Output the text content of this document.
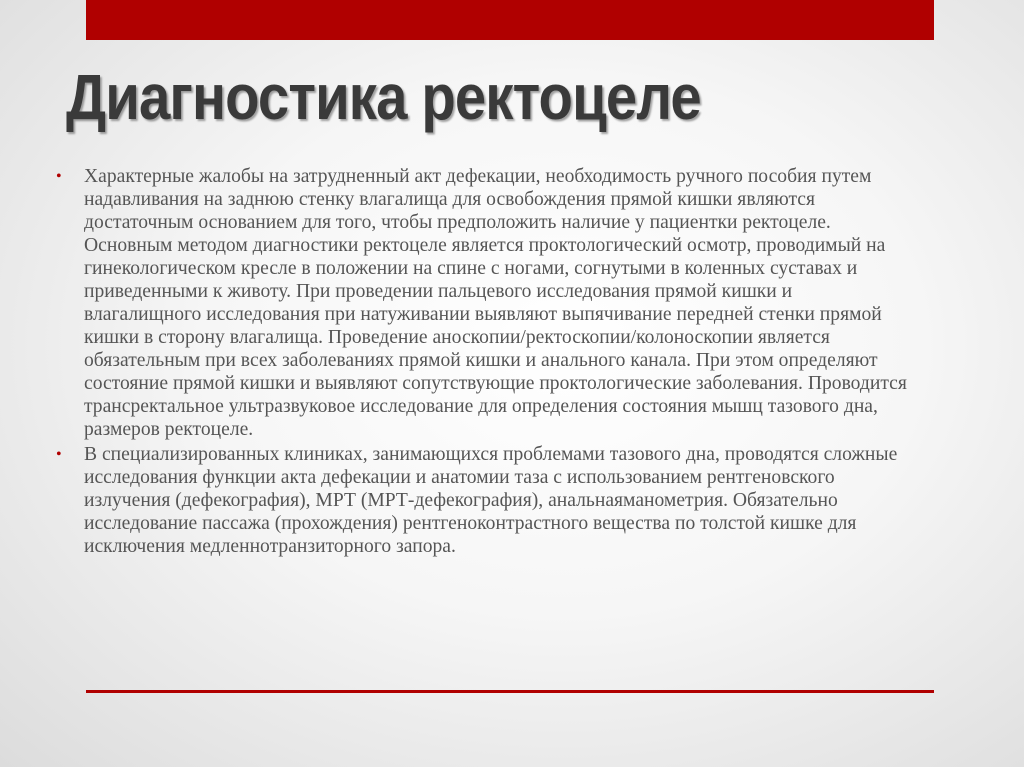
Диагностика ректоцеле
• Характерные жалобы на затрудненный акт дефекации, необходимость ручного пособия путем надавливания на заднюю стенку влагалища для освобождения прямой кишки являются достаточным основанием для того, чтобы предположить наличие у пациентки ректоцеле. Основным методом диагностики ректоцеле является проктологический осмотр, проводимый на гинекологическом кресле в положении на спине с ногами, согнутыми в коленных суставах и приведенными к животу. При проведении пальцевого исследования прямой кишки и влагалищного исследования при натуживании выявляют выпячивание передней стенки прямой кишки в сторону влагалища. Проведение аноскопии/ректоскопии/колоноскопии является обязательным при всех заболеваниях прямой кишки и анального канала. При этом определяют состояние прямой кишки и выявляют сопутствующие проктологические заболевания. Проводится трансректальное ультразвуковое исследование для определения состояния мышц тазового дна, размеров ректоцеле.
• В специализированных клиниках, занимающихся проблемами тазового дна, проводятся сложные исследования функции акта дефекации и анатомии таза с использованием рентгеновского излучения (дефекография), МРТ (МРТ-дефекография), анальнаяманометрия. Обязательно исследование пассажа (прохождения) рентгеноконтрастного вещества по толстой кишке для исключения медленнотранзиторного запора.
